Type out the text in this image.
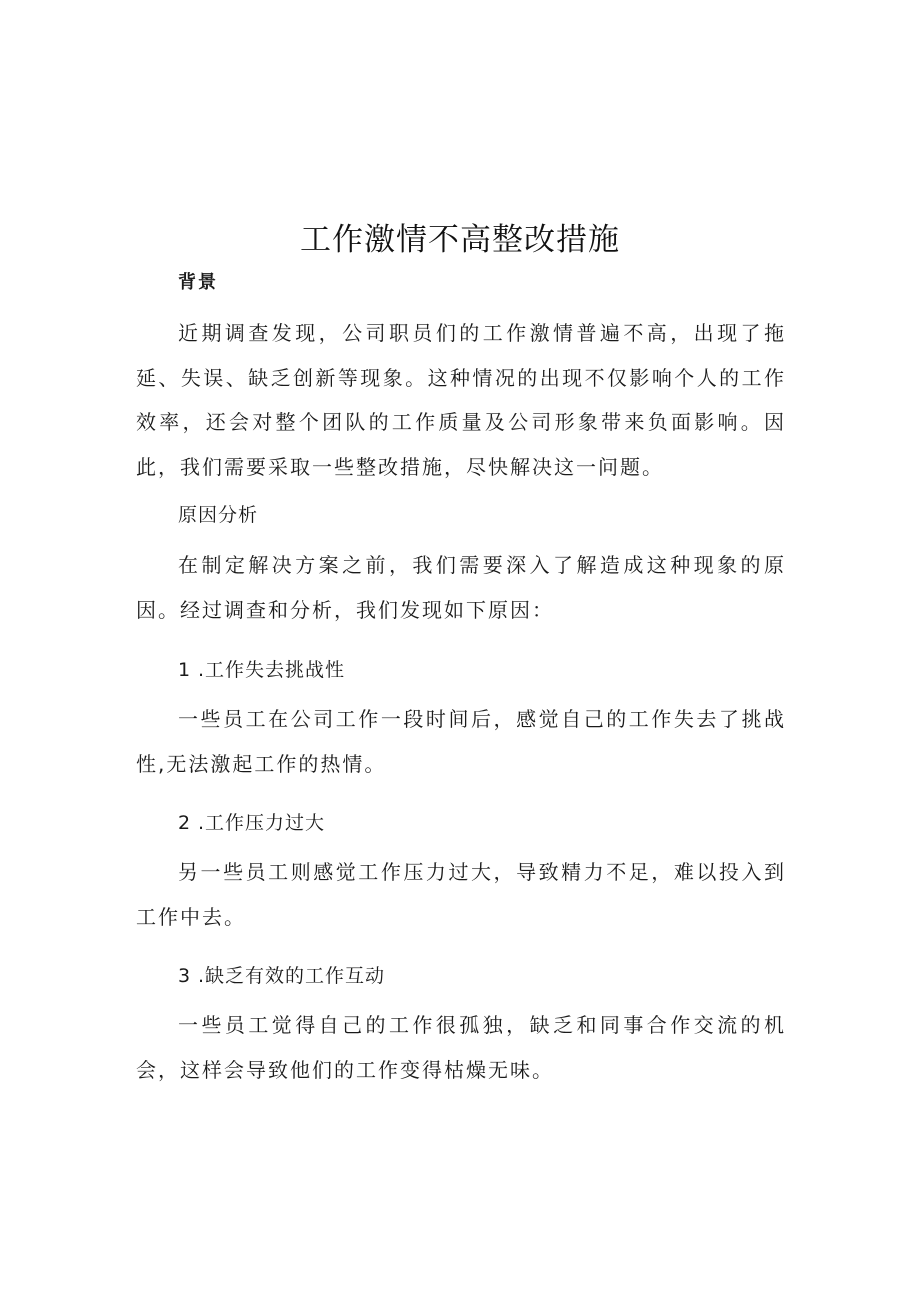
工作激情不高整改措施
背景
近期调查发现，公司职员们的工作激情普遍不高，出现了拖延、失误、缺乏创新等现象。这种情况的出现不仅影响个人的工作效率，还会对整个团队的工作质量及公司形象带来负面影响。因此，我们需要采取一些整改措施，尽快解决这一问题。
原因分析
在制定解决方案之前，我们需要深入了解造成这种现象的原因。经过调查和分析，我们发现如下原因：
1 .工作失去挑战性
一些员工在公司工作一段时间后，感觉自己的工作失去了挑战性,无法激起工作的热情。
2 .工作压力过大
另一些员工则感觉工作压力过大，导致精力不足，难以投入到工作中去。
3 .缺乏有效的工作互动
一些员工觉得自己的工作很孤独，缺乏和同事合作交流的机会，这样会导致他们的工作变得枯燥无味。
